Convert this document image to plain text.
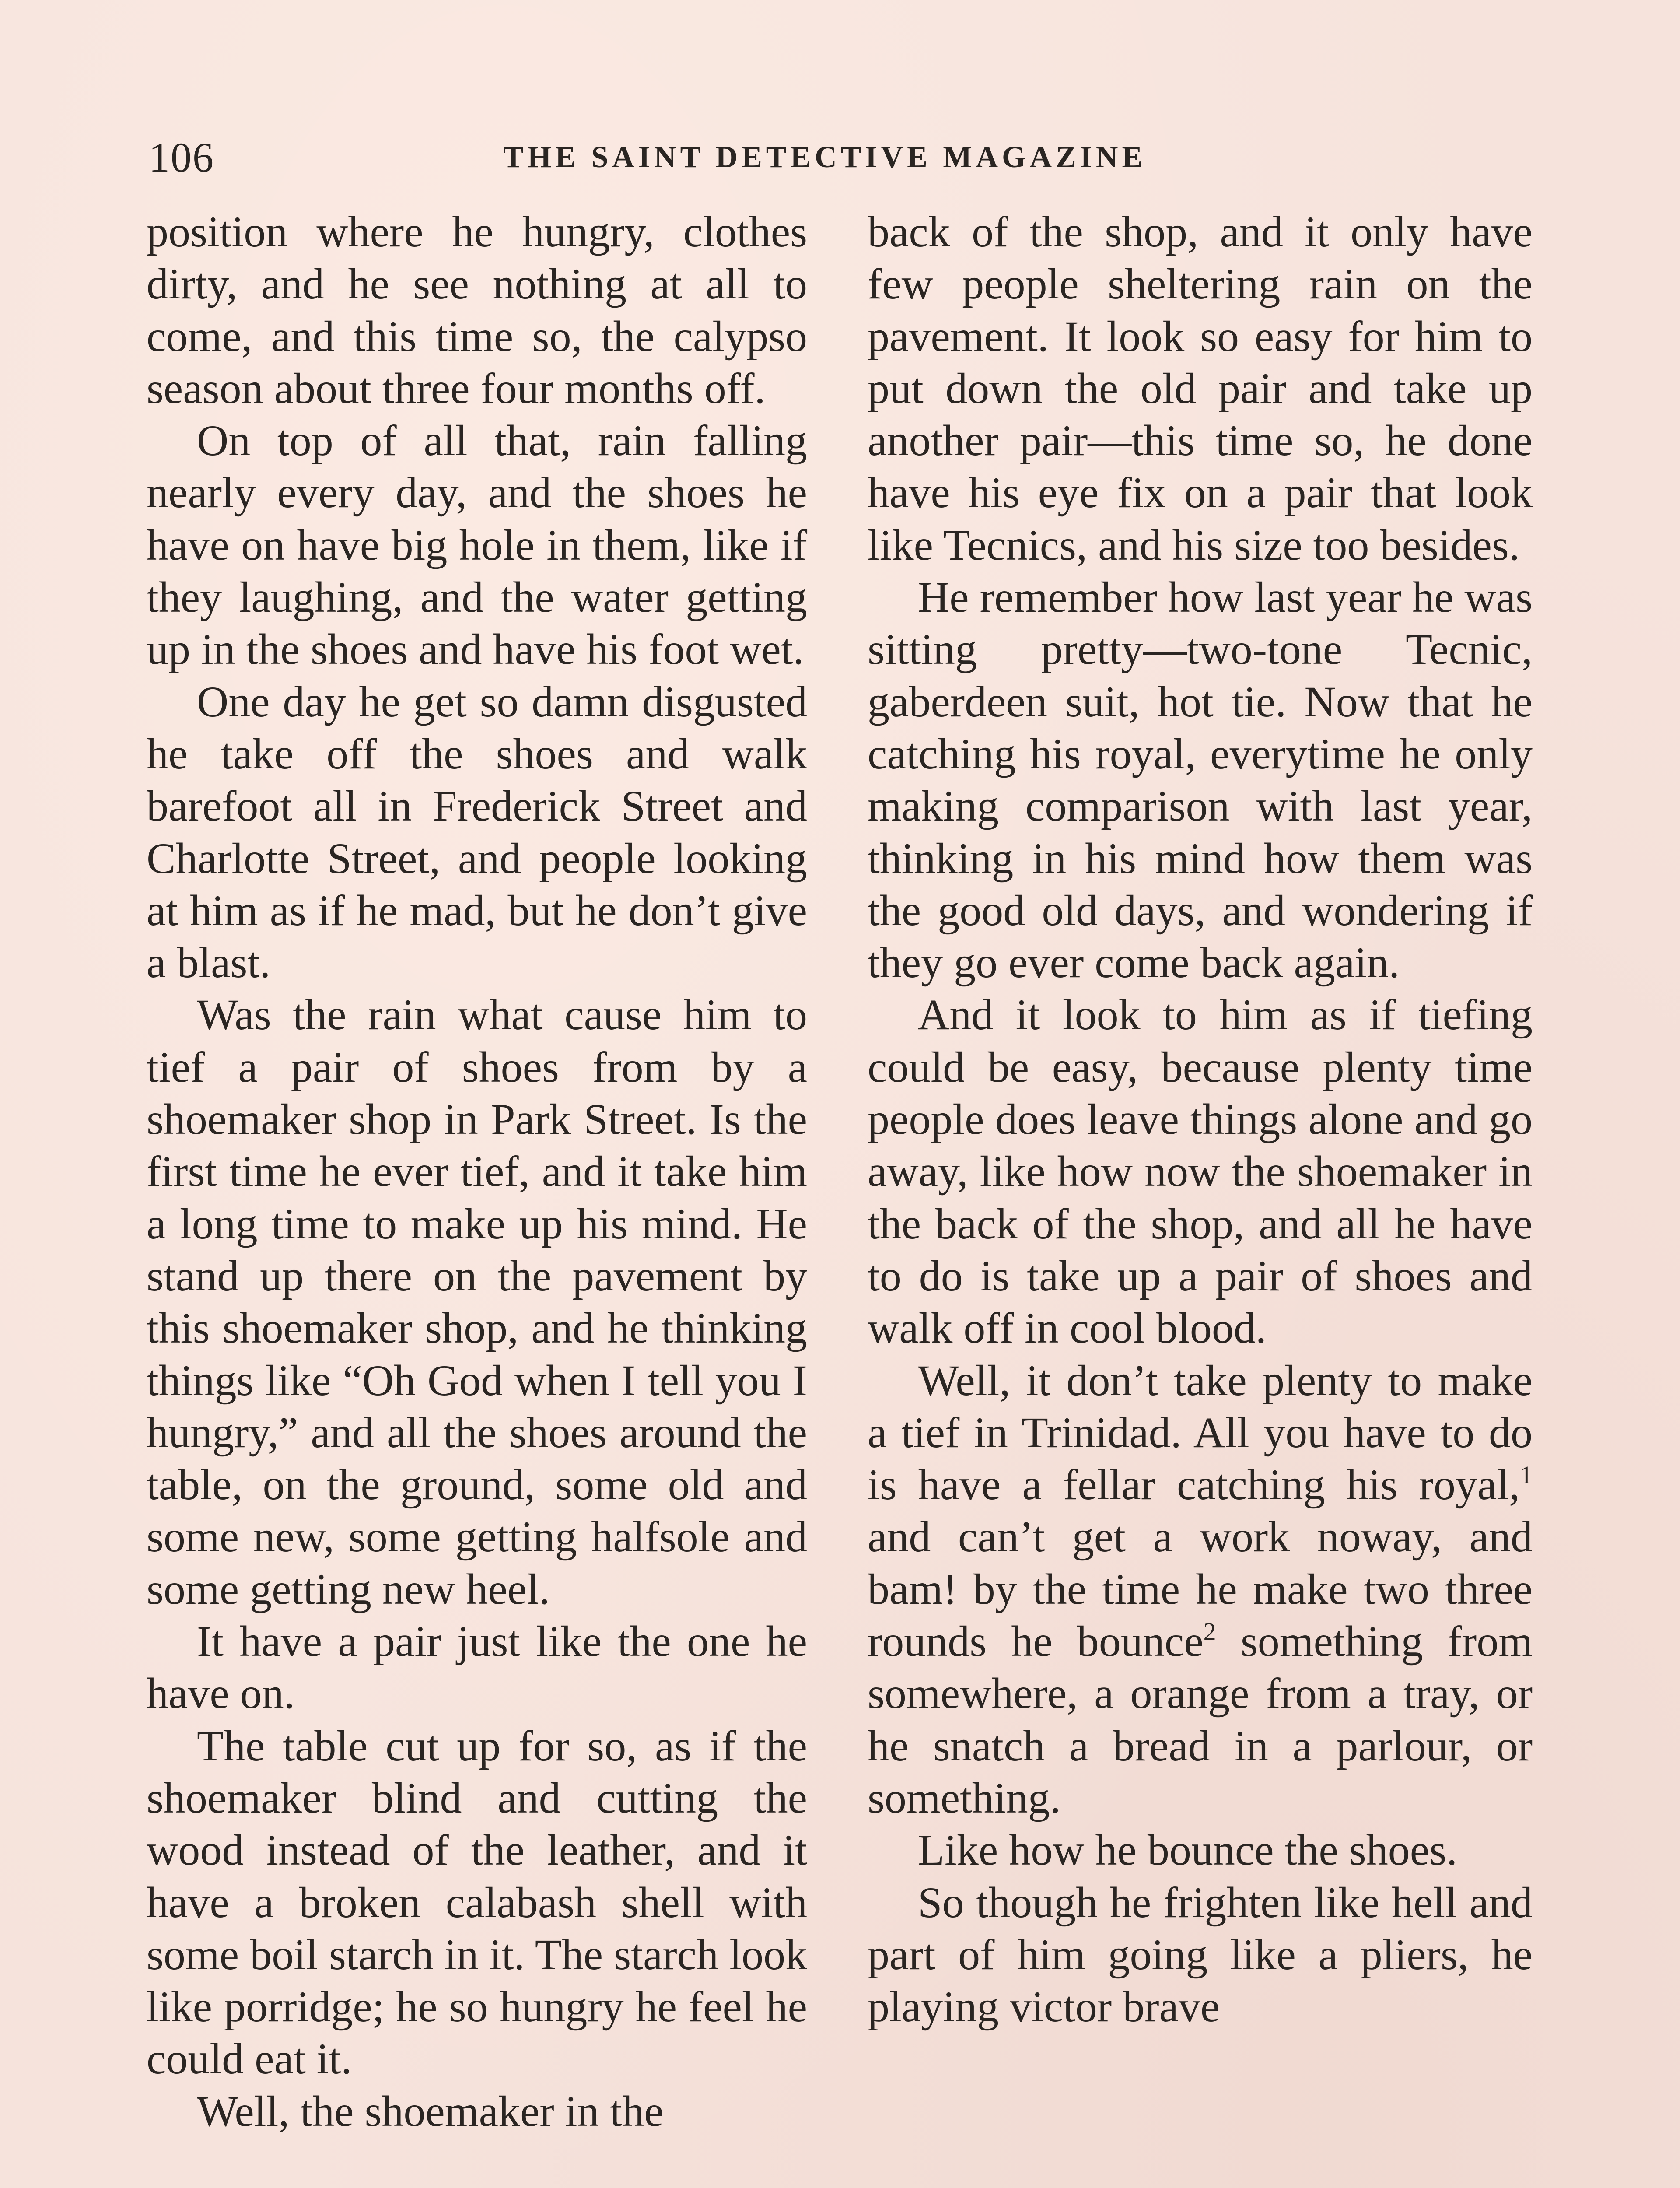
106	THE SAINT DETECTIVE MAGAZINE

position where he hungry, clothes dirty, and he see nothing at all to come, and this time so, the calypso season about three four months off.

On top of all that, rain falling nearly every day, and the shoes he have on have big hole in them, like if they laughing, and the water getting up in the shoes and have his foot wet.

One day he get so damn disgusted he take off the shoes and walk barefoot all in Frederick Street and Charlotte Street, and people looking at him as if he mad, but he don’t give a blast.

Was the rain what cause him to tief a pair of shoes from by a shoemaker shop in Park Street. Is the first time he ever tief, and it take him a long time to make up his mind. He stand up there on the pavement by this shoemaker shop, and he thinking things like “Oh God when I tell you I hungry,” and all the shoes around the table, on the ground, some old and some new, some getting halfsole and some getting new heel.

It have a pair just like the one he have on.

The table cut up for so, as if the shoemaker blind and cutting the wood instead of the leather, and it have a broken calabash shell with some boil starch in it. The starch look like porridge; he so hungry he feel he could eat it.

Well, the shoemaker in the

back of the shop, and it only have few people sheltering rain on the pavement. It look so easy for him to put down the old pair and take up another pair—this time so, he done have his eye fix on a pair that look like Tecnics, and his size too besides.

He remember how last year he was sitting pretty—two-tone Tecnic, gaberdeen suit, hot tie. Now that he catching his royal, everytime he only making comparison with last year, thinking in his mind how them was the good old days, and wondering if they go ever come back again.

And it look to him as if tiefing could be easy, because plenty time people does leave things alone and go away, like how now the shoemaker in the back of the shop, and all he have to do is take up a pair of shoes and walk off in cool blood.

Well, it don’t take plenty to make a tief in Trinidad. All you have to do is have a fellar catching his royal,$^1$ and can’t get a work noway, and bam! by the time he make two three rounds he bounce$^2$ something from somewhere, a orange from a tray, or he snatch a bread in a parlour, or something.

Like how he bounce the shoes.

So though he frighten like hell and part of him going like a pliers, he playing victor brave
